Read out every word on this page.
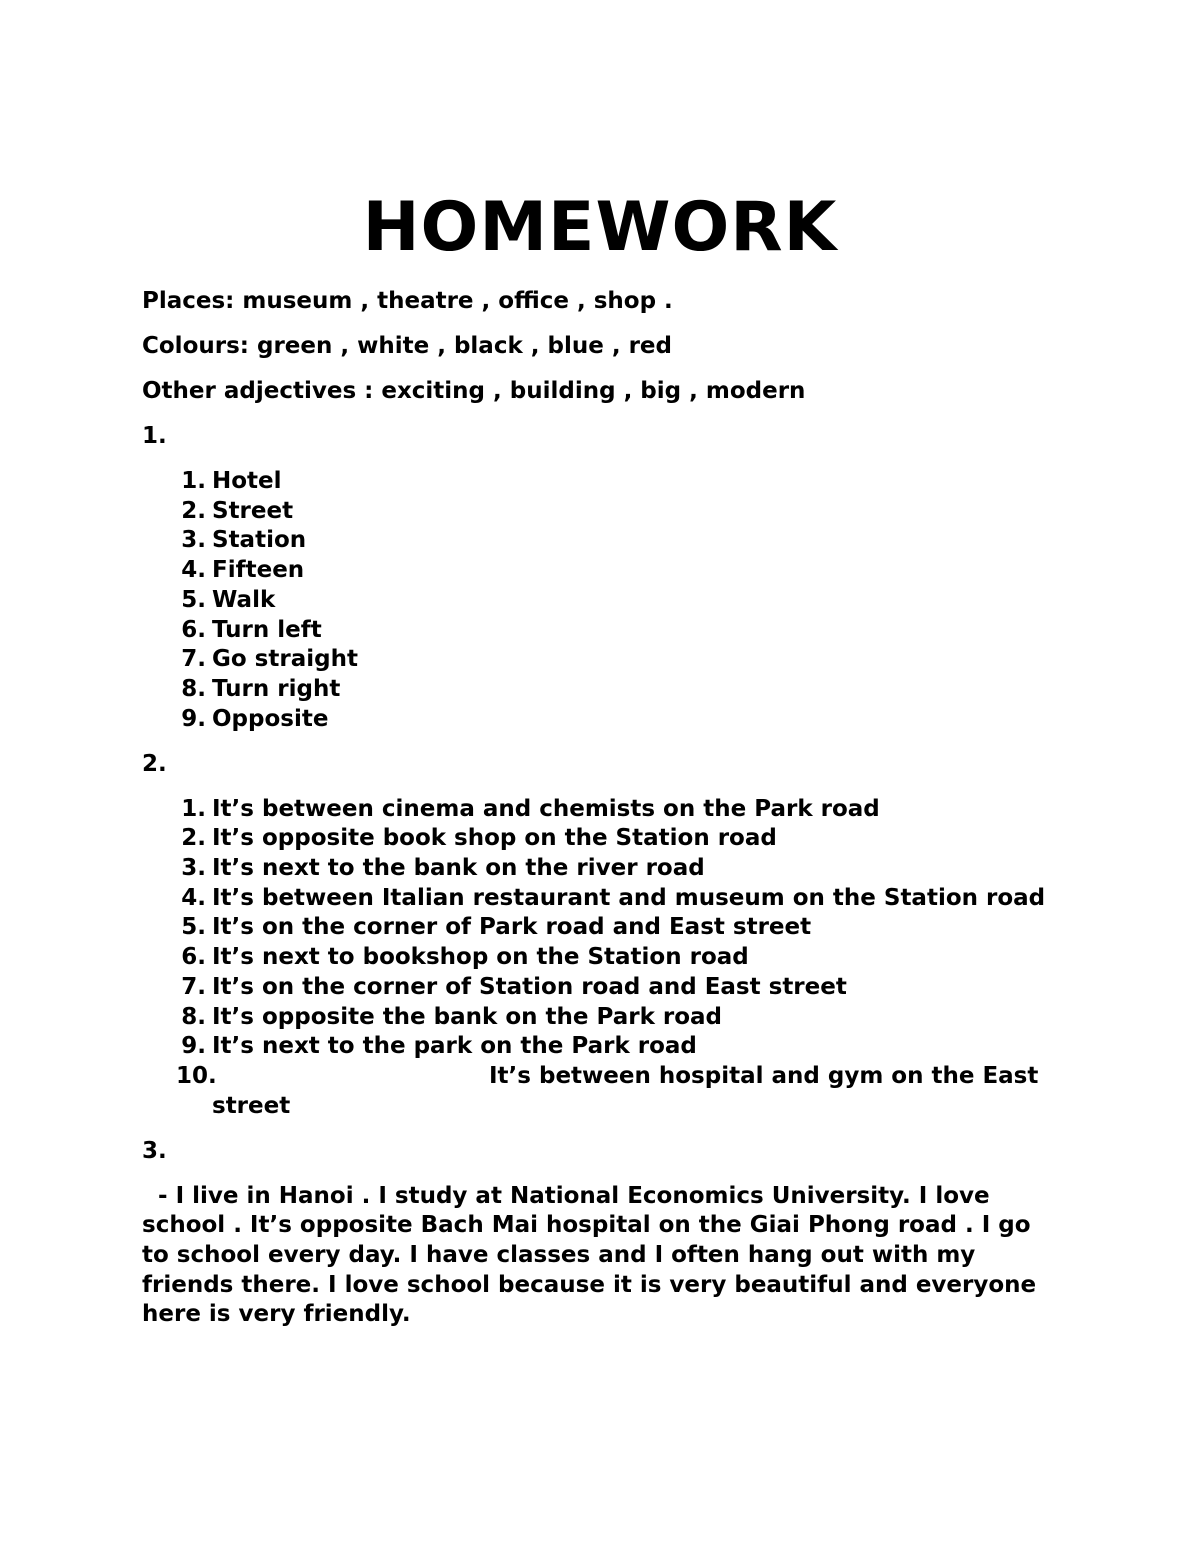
HOMEWORK
Places: museum , theatre , office , shop .
Colours: green , white , black , blue , red
Other adjectives : exciting , building , big , modern
1.
1. Hotel
2. Street
3. Station
4. Fifteen
5. Walk
6. Turn left
7. Go straight
8. Turn right
9. Opposite
2.
1. It’s between cinema and chemists on the Park road
2. It’s opposite book shop on the Station road
3. It’s next to the bank on the river road
4. It’s between Italian restaurant and museum on the Station road
5. It’s on the corner of Park road and East street
6. It’s next to bookshop on the Station road
7. It’s on the corner of Station road and East street
8. It’s opposite the bank on the Park road
9. It’s next to the park on the Park road
10.	It’s between hospital and gym on the East street
3.

- I live in Hanoi . I study at National Economics University. I love school . It’s opposite Bach Mai hospital on the Giai Phong road . I go to school every day. I have classes and I often hang out with my friends there. I love school because it is very beautiful and everyone here is very friendly.
